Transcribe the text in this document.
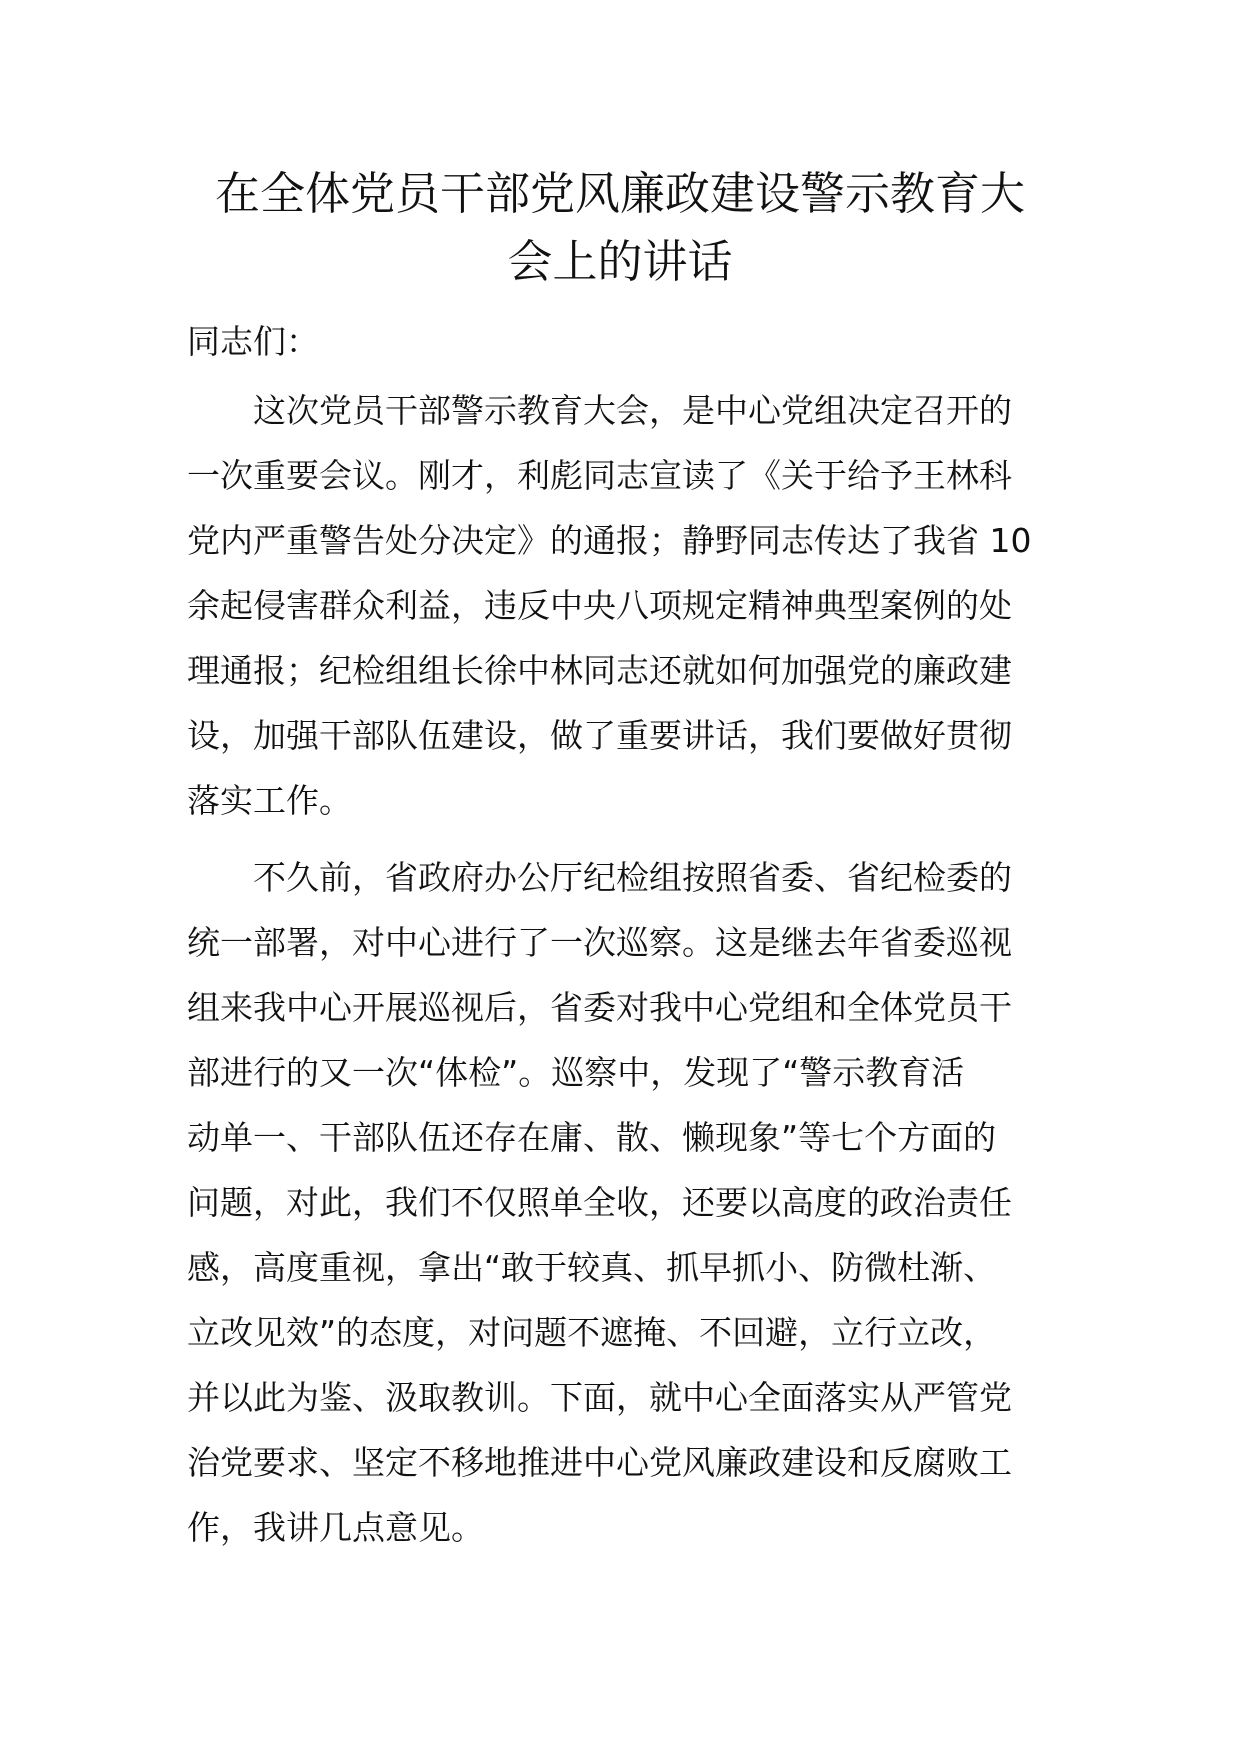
在全体党员干部党风廉政建设警示教育大
会上的讲话

同志们：

这次党员干部警示教育大会，是中心党组决定召开的
一次重要会议。刚才，利彪同志宣读了《关于给予王林科
党内严重警告处分决定》的通报；静野同志传达了我省 10
余起侵害群众利益，违反中央八项规定精神典型案例的处
理通报；纪检组组长徐中林同志还就如何加强党的廉政建
设，加强干部队伍建设，做了重要讲话，我们要做好贯彻
落实工作。
不久前，省政府办公厅纪检组按照省委、省纪检委的
统一部署，对中心进行了一次巡察。这是继去年省委巡视
组来我中心开展巡视后，省委对我中心党组和全体党员干
部进行的又一次“体检”。巡察中，发现了“警示教育活
动单一、干部队伍还存在庸、散、懒现象”等七个方面的
问题，对此，我们不仅照单全收，还要以高度的政治责任
感，高度重视，拿出“敢于较真、抓早抓小、防微杜渐、
立改见效”的态度，对问题不遮掩、不回避，立行立改，
并以此为鉴、汲取教训。下面，就中心全面落实从严管党
治党要求、坚定不移地推进中心党风廉政建设和反腐败工
作，我讲几点意见。
